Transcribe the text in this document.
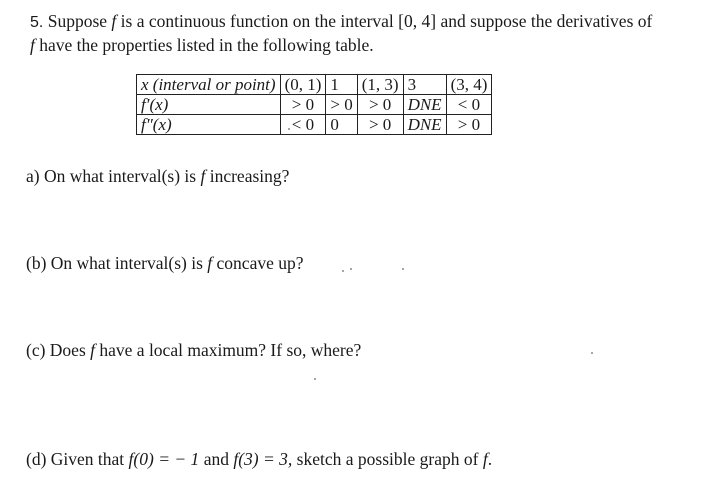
5. Suppose f is a continuous function on the interval [0, 4] and suppose the derivatives of
f have the properties listed in the following table.
x (interval or point)	(0, 1)	1	(1, 3)	3	(3, 4)
f′(x)	> 0	> 0	> 0	DNE	< 0
f″(x)	< 0	0	> 0	DNE	> 0
a) On what interval(s) is f increasing?
(b) On what interval(s) is f concave up?
(c) Does f have a local maximum? If so, where?
(d) Given that f(0) = − 1 and f(3) = 3, sketch a possible graph of f.
